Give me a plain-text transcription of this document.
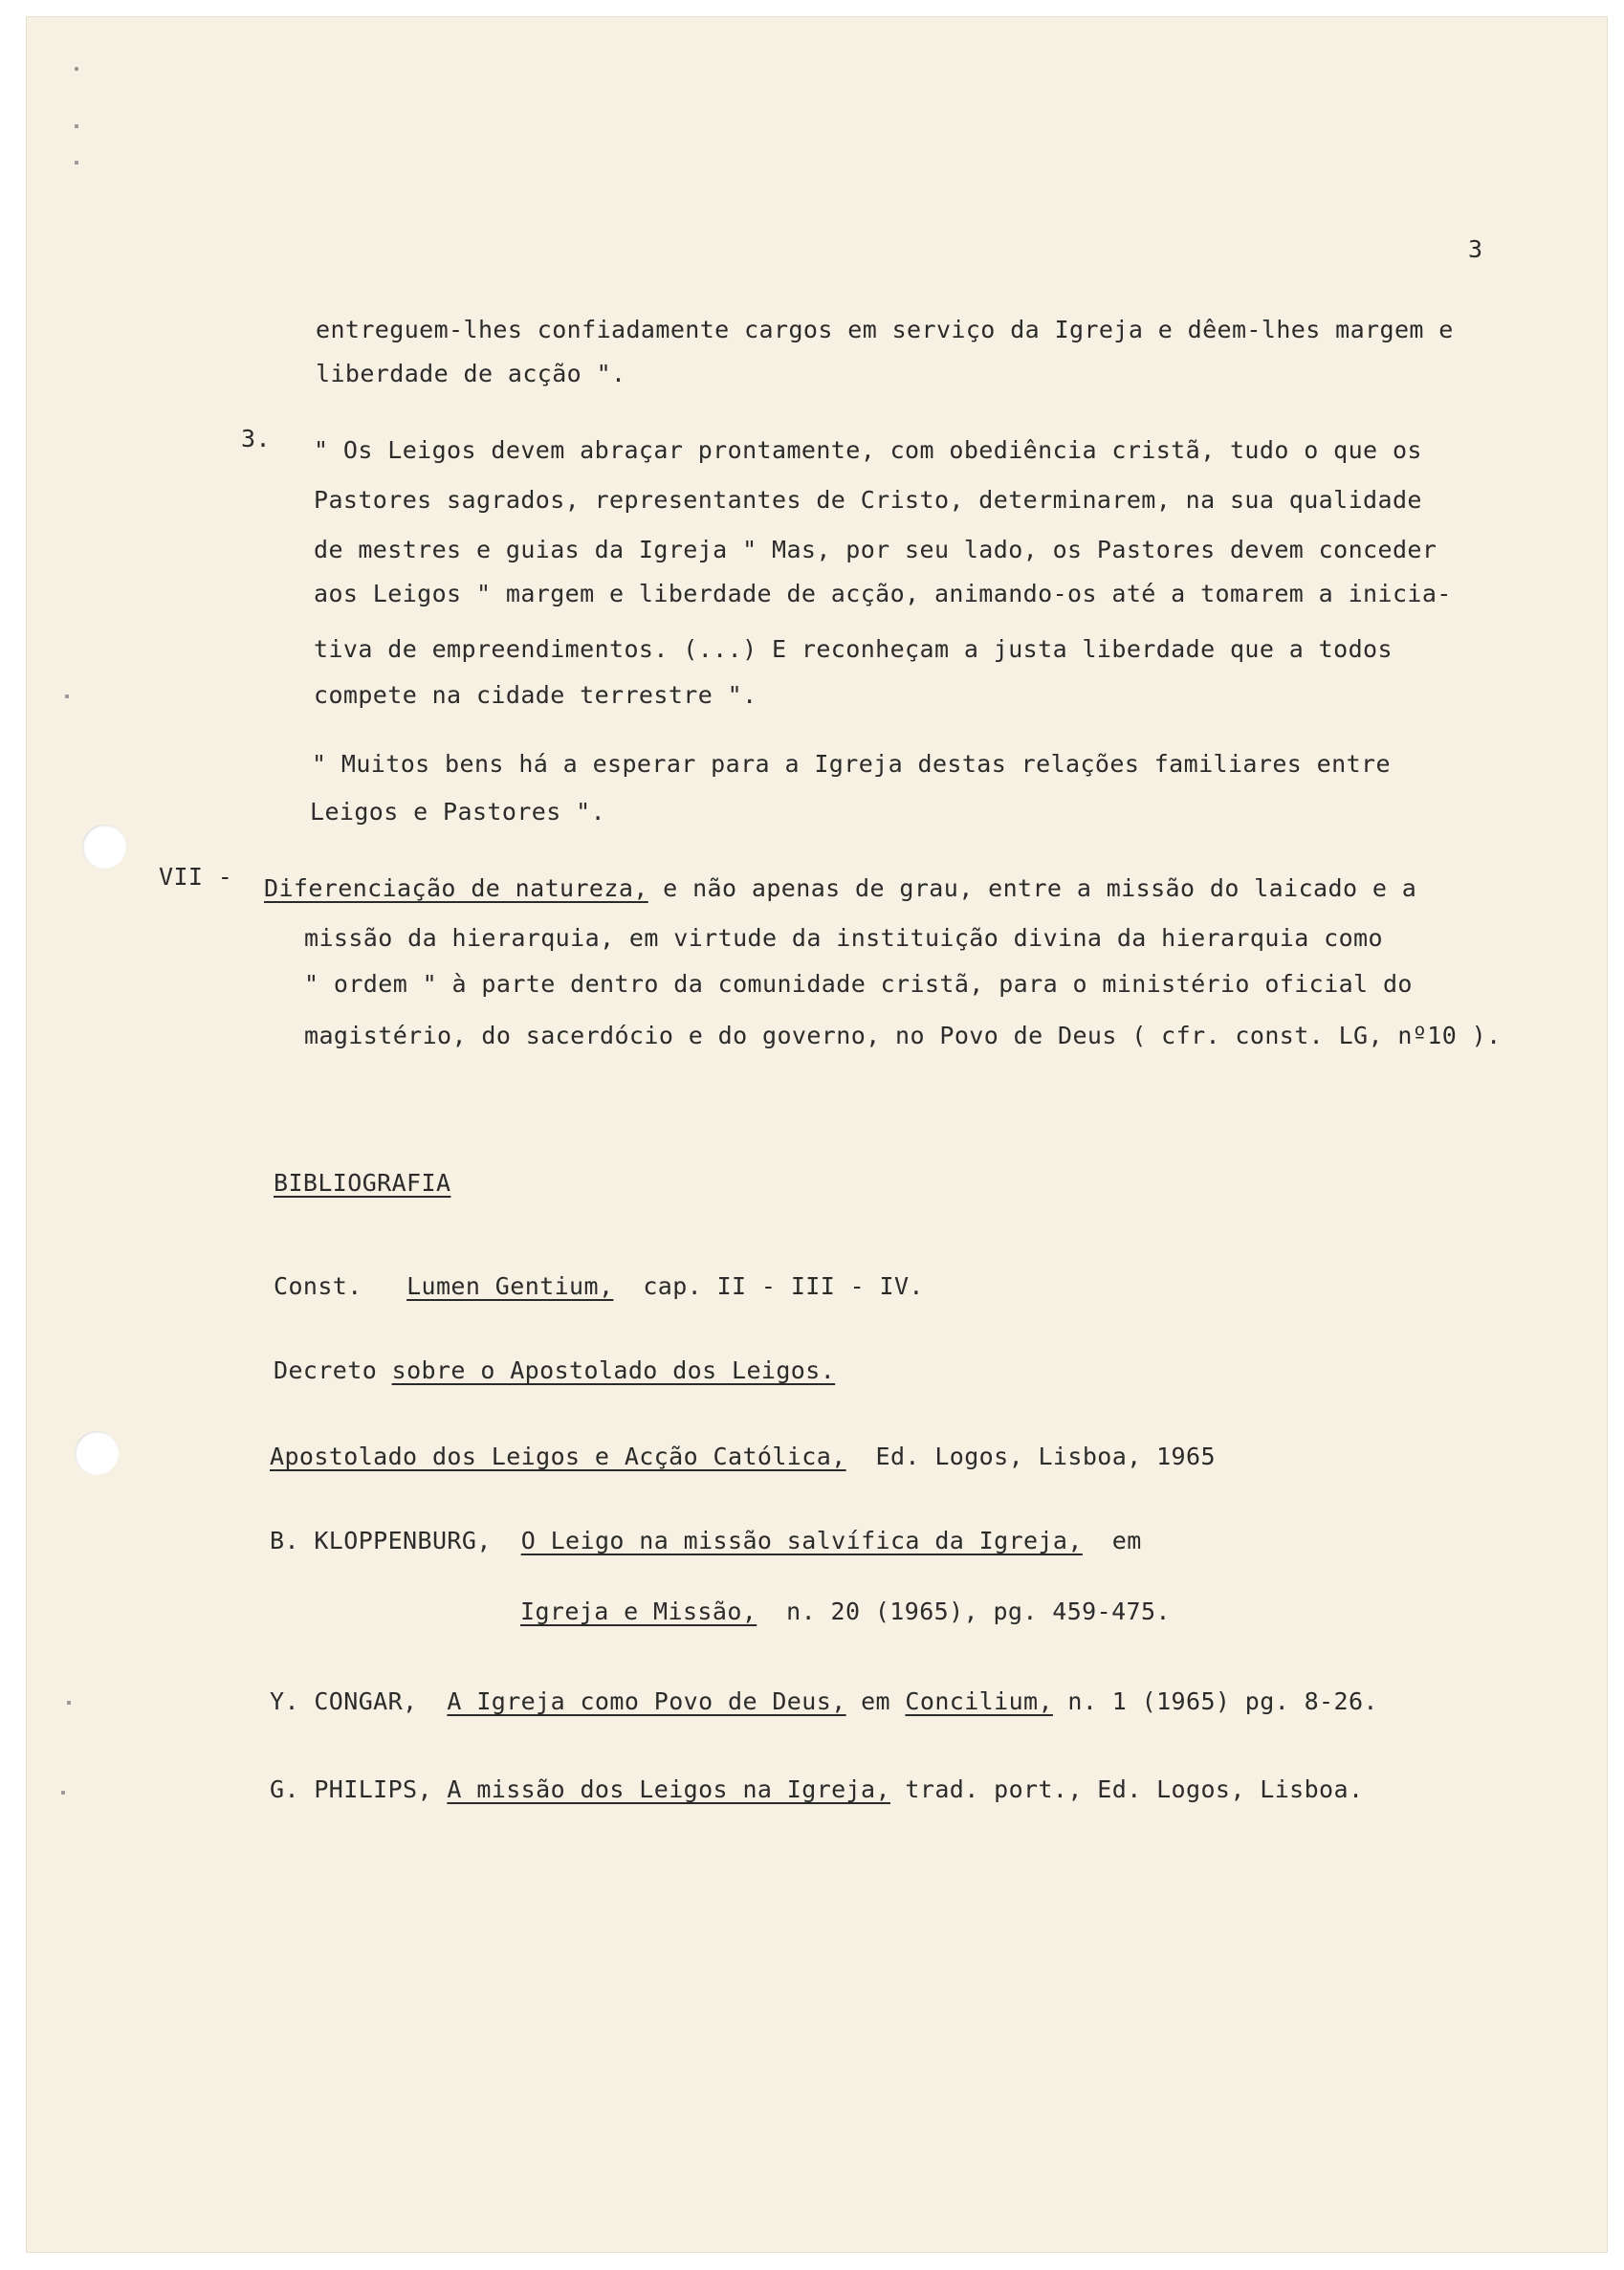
3
entreguem-lhes confiadamente cargos em serviço da Igreja e dêem-lhes margem e
liberdade de acção ".
3. " Os Leigos devem abraçar prontamente, com obediência cristã, tudo o que os
Pastores sagrados, representantes de Cristo, determinarem, na sua qualidade
de mestres e guias da Igreja " Mas, por seu lado, os Pastores devem conceder
aos Leigos " margem e liberdade de acção, animando-os até a tomarem a inicia-
tiva de empreendimentos. (...) E reconheçam a justa liberdade que a todos
compete na cidade terrestre ".
" Muitos bens há a esperar para a Igreja destas relações familiares entre
Leigos e Pastores ".
VII - Diferenciação de natureza, e não apenas de grau, entre a missão do laicado e a
missão da hierarquia, em virtude da instituição divina da hierarquia como
" ordem " à parte dentro da comunidade cristã, para o ministério oficial do
magistério, do sacerdócio e do governo, no Povo de Deus ( cfr. const. LG, nº10 ).
BIBLIOGRAFIA
Const. Lumen Gentium, cap. II - III - IV.
Decreto sobre o Apostolado dos Leigos.
Apostolado dos Leigos e Acção Católica, Ed. Logos, Lisboa, 1965
B. KLOPPENBURG, O Leigo na missão salvífica da Igreja, em
Igreja e Missão, n. 20 (1965), pg. 459-475.
Y. CONGAR, A Igreja como Povo de Deus, em Concilium, n. 1 (1965) pg. 8-26.
G. PHILIPS, A missão dos Leigos na Igreja, trad. port., Ed. Logos, Lisboa.
